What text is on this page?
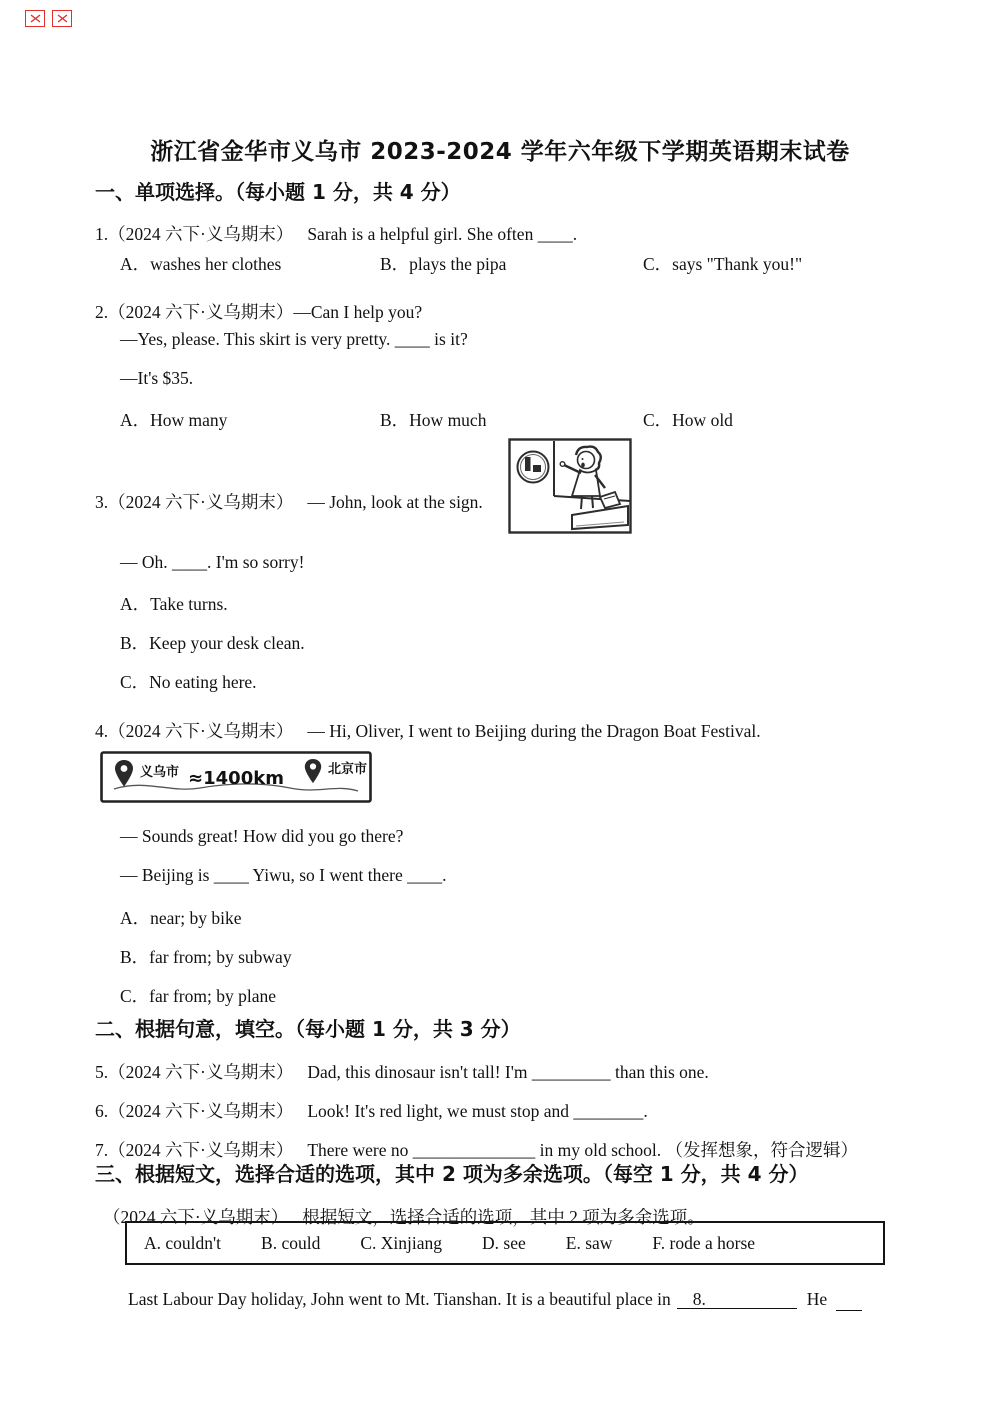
浙江省金华市义乌市 2023-2024 学年六年级下学期英语期末试卷
一、单项选择。（每小题 1 分，共 4 分）

1.（2024 六下·义乌期末） Sarah is a helpful girl. She often ____.

A．washes her clothes	B．plays the pipa	C．says "Thank you!"

2.（2024 六下·义乌期末）—Can I help you?

—Yes, please. This skirt is very pretty. ____ is it?
—It's $35.
A．How many	B．How much	C．How old

3.（2024 六下·义乌期末） — John, look at the sign.

— Oh. ____. I'm so sorry!
A．Take turns.
B．Keep your desk clean.
C．No eating here.

4.（2024 六下·义乌期末） — Hi, Oliver, I went to Beijing during the Dragon Boat Festival.

义乌市 ≈1400km	北京市
— Sounds great! How did you go there?
— Beijing is ____ Yiwu, so I went there ____.
A．near; by bike
B．far from; by subway
C．far from; by plane
二、根据句意，填空。（每小题 1 分，共 3 分）

5.（2024 六下·义乌期末） Dad, this dinosaur isn't tall! I'm _________ than this one.

6.（2024 六下·义乌期末） Look! It's red light, we must stop and ________.

7.（2024 六下·义乌期末） There were no ______________ in my old school. （发挥想象，符合逻辑）

三、根据短文，选择合适的选项，其中 2 项为多余选项。（每空 1 分，共 4 分）

（2024 六下·义乌期末） 根据短文，选择合适的选项，其中 2 项为多余选项。

A. couldn't B. could C. Xinjiang D. see E. saw F. rode a horse

Last Labour Day holiday, John went to Mt. Tianshan. It is a beautiful place in 8.	He
